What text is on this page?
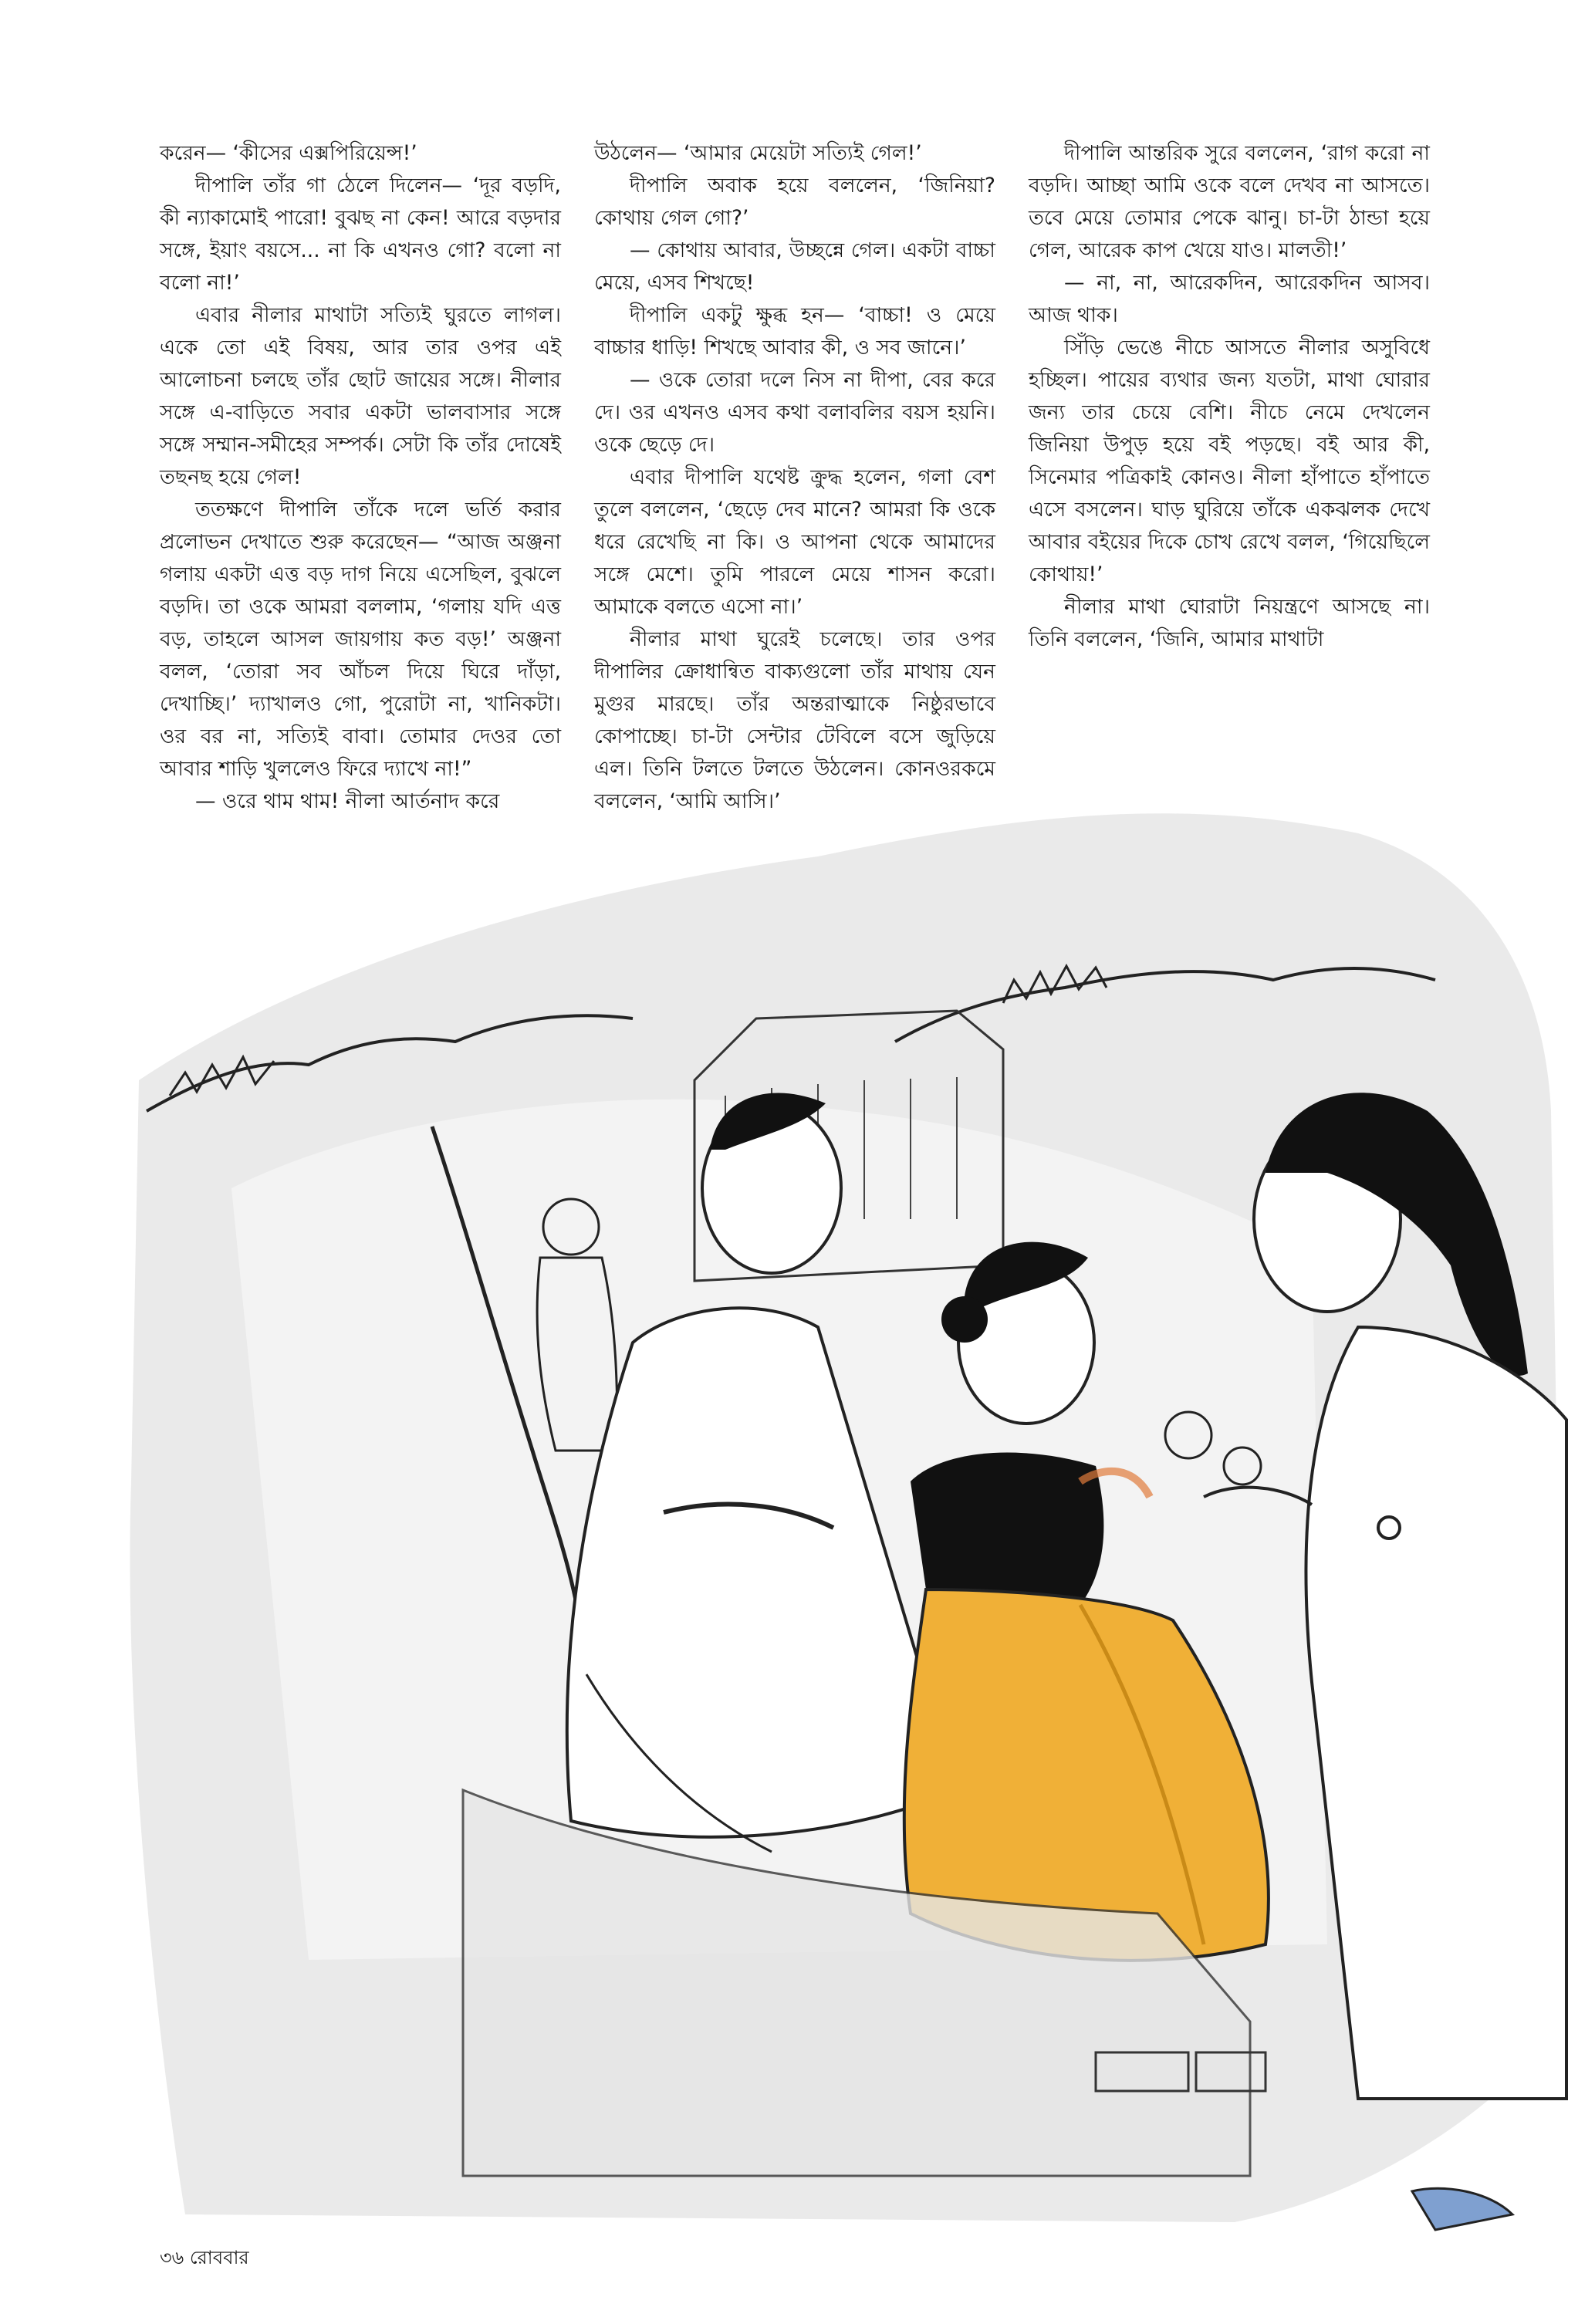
করেন— ‘কীসের এক্সপিরিয়েন্স!’

দীপালি তাঁর গা ঠেলে দিলেন— ‘দূর বড়দি, কী ন্যাকামোই পারো! বুঝছ না কেন! আরে বড়দার সঙ্গে, ইয়াং বয়সে... না কি এখনও গো? বলো না বলো না!’

এবার নীলার মাথাটা সত্যিই ঘুরতে লাগল। একে তো এই বিষয়, আর তার ওপর এই আলোচনা চলছে তাঁর ছোট জায়ের সঙ্গে। নীলার সঙ্গে এ-বাড়িতে সবার একটা ভালবাসার সঙ্গে সঙ্গে সম্মান-সমীহের সম্পর্ক। সেটা কি তাঁর দোষেই তছনছ হয়ে গেল!

ততক্ষণে দীপালি তাঁকে দলে ভর্তি করার প্রলোভন দেখাতে শুরু করেছেন— “আজ অঞ্জনা গলায় একটা এত্ত বড় দাগ নিয়ে এসেছিল, বুঝলে বড়দি। তা ওকে আমরা বললাম, ‘গলায় যদি এত্ত বড়, তাহলে আসল জায়গায় কত বড়!’ অঞ্জনা বলল, ‘তোরা সব আঁচল দিয়ে ঘিরে দাঁড়া, দেখাচ্ছি।’ দ্যাখালও গো, পুরোটা না, খানিকটা। ওর বর না, সত্যিই বাবা। তোমার দেওর তো আবার শাড়ি খুললেও ফিরে দ্যাখে না!”

— ওরে থাম থাম! নীলা আর্তনাদ করে

উঠলেন— ‘আমার মেয়েটা সত্যিই গেল!’

দীপালি অবাক হয়ে বললেন, ‘জিনিয়া? কোথায় গেল গো?’

— কোথায় আবার, উচ্ছন্নে গেল। একটা বাচ্চা মেয়ে, এসব শিখছে!

দীপালি একটু ক্ষুব্ধ হন— ‘বাচ্চা! ও মেয়ে বাচ্চার ধাড়ি! শিখছে আবার কী, ও সব জানে।’

— ওকে তোরা দলে নিস না দীপা, বের করে দে। ওর এখনও এসব কথা বলাবলির বয়স হয়নি। ওকে ছেড়ে দে।

এবার দীপালি যথেষ্ট ক্রুদ্ধ হলেন, গলা বেশ তুলে বললেন, ‘ছেড়ে দেব মানে? আমরা কি ওকে ধরে রেখেছি না কি। ও আপনা থেকে আমাদের সঙ্গে মেশে। তুমি পারলে মেয়ে শাসন করো। আমাকে বলতে এসো না।’

নীলার মাথা ঘুরেই চলেছে। তার ওপর দীপালির ক্রোধান্বিত বাক্যগুলো তাঁর মাথায় যেন মুগুর মারছে। তাঁর অন্তরাত্মাকে নিষ্ঠুরভাবে কোপাচ্ছে। চা-টা সেন্টার টেবিলে বসে জুড়িয়ে এল। তিনি টলতে টলতে উঠলেন। কোনওরকমে বললেন, ‘আমি আসি।’

দীপালি আন্তরিক সুরে বললেন, ‘রাগ করো না বড়দি। আচ্ছা আমি ওকে বলে দেখব না আসতে। তবে মেয়ে তোমার পেকে ঝানু। চা-টা ঠান্ডা হয়ে গেল, আরেক কাপ খেয়ে যাও। মালতী!’

— না, না, আরেকদিন, আরেকদিন আসব। আজ থাক।

সিঁড়ি ভেঙে নীচে আসতে নীলার অসুবিধে হচ্ছিল। পায়ের ব্যথার জন্য যতটা, মাথা ঘোরার জন্য তার চেয়ে বেশি। নীচে নেমে দেখলেন জিনিয়া উপুড় হয়ে বই পড়ছে। বই আর কী, সিনেমার পত্রিকাই কোনও। নীলা হাঁপাতে হাঁপাতে এসে বসলেন। ঘাড় ঘুরিয়ে তাঁকে একঝলক দেখে আবার বইয়ের দিকে চোখ রেখে বলল, ‘গিয়েছিলে কোথায়!’

নীলার মাথা ঘোরাটা নিয়ন্ত্রণে আসছে না। তিনি বললেন, ‘জিনি, আমার মাথাটা

৩৬ রোববার
